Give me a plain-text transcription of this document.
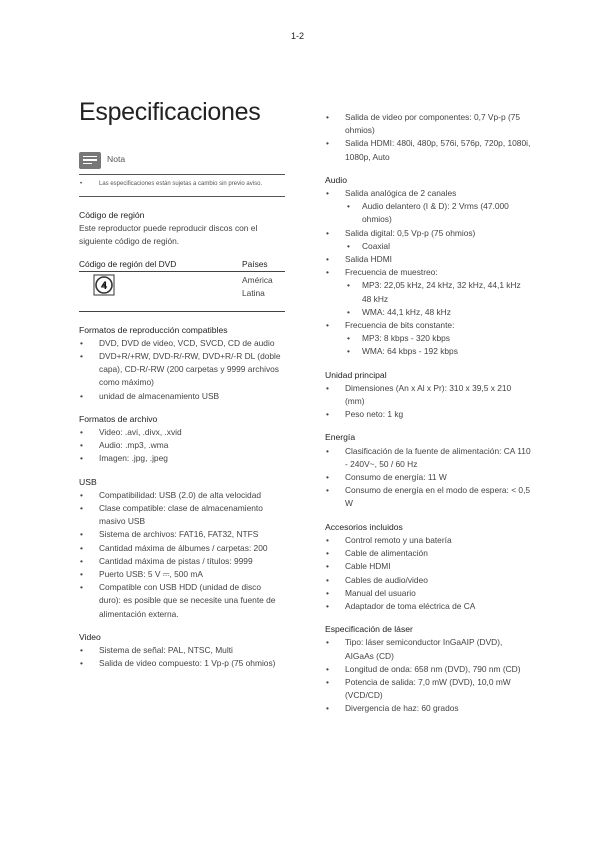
1-2
Especificaciones
Nota
• Las especificaciones están sujetas a cambio sin previo aviso.
Código de región

Este reproductor puede reproducir discos con el siguiente código de región.

Código de región del DVD	Países

4	América Latina
Formatos de reproducción compatibles
• DVD, DVD de video, VCD, SVCD, CD de audio
• DVD+R/+RW, DVD-R/-RW, DVD+R/-R DL (doble capa), CD-R/-RW (200 carpetas y 9999 archivos como máximo)
• unidad de almacenamiento USB
Formatos de archivo
• Video: .avi, .divx, .xvid
• Audio: .mp3, .wma
• Imagen: .jpg, .jpeg
USB
• Compatibilidad: USB (2.0) de alta velocidad
• Clase compatible: clase de almacenamiento masivo USB
• Sistema de archivos: FAT16, FAT32, NTFS
• Cantidad máxima de álbumes / carpetas: 200
• Cantidad máxima de pistas / títulos: 9999
• Puerto USB: 5 V ⎓, 500 mA
• Compatible con USB HDD (unidad de disco duro): es posible que se necesite una fuente de alimentación externa.
Video
• Sistema de señal: PAL, NTSC, Multi
• Salida de video compuesto: 1 Vp-p (75 ohmios)
• Salida de video por componentes: 0,7 Vp-p (75 ohmios)
• Salida HDMI: 480i, 480p, 576i, 576p, 720p, 1080i, 1080p, Auto
Audio
• Salida analógica de 2 canales
• Audio delantero (I & D): 2 Vrms (47.000 ohmios)
• Salida digital: 0,5 Vp-p (75 ohmios)
• Coaxial
• Salida HDMI
• Frecuencia de muestreo:
• MP3: 22,05 kHz, 24 kHz, 32 kHz, 44,1 kHz 48 kHz
• WMA: 44,1 kHz, 48 kHz
• Frecuencia de bits constante:
• MP3: 8 kbps - 320 kbps
• WMA: 64 kbps - 192 kbps
Unidad principal
• Dimensiones (An x Al x Pr): 310 x 39,5 x 210 (mm)
• Peso neto: 1 kg
Energía
• Clasificación de la fuente de alimentación: CA 110 - 240V~, 50 / 60 Hz
• Consumo de energía: 11 W
• Consumo de energía en el modo de espera: < 0,5 W
Accesorios incluidos
• Control remoto y una batería
• Cable de alimentación
• Cable HDMI
• Cables de audio/video
• Manual del usuario
• Adaptador de toma eléctrica de CA
Especificación de láser
• Tipo: láser semiconductor InGaAIP (DVD), AIGaAs (CD)
• Longitud de onda: 658 nm (DVD), 790 nm (CD)
• Potencia de salida: 7,0 mW (DVD), 10,0 mW (VCD/CD)
• Divergencia de haz: 60 grados
